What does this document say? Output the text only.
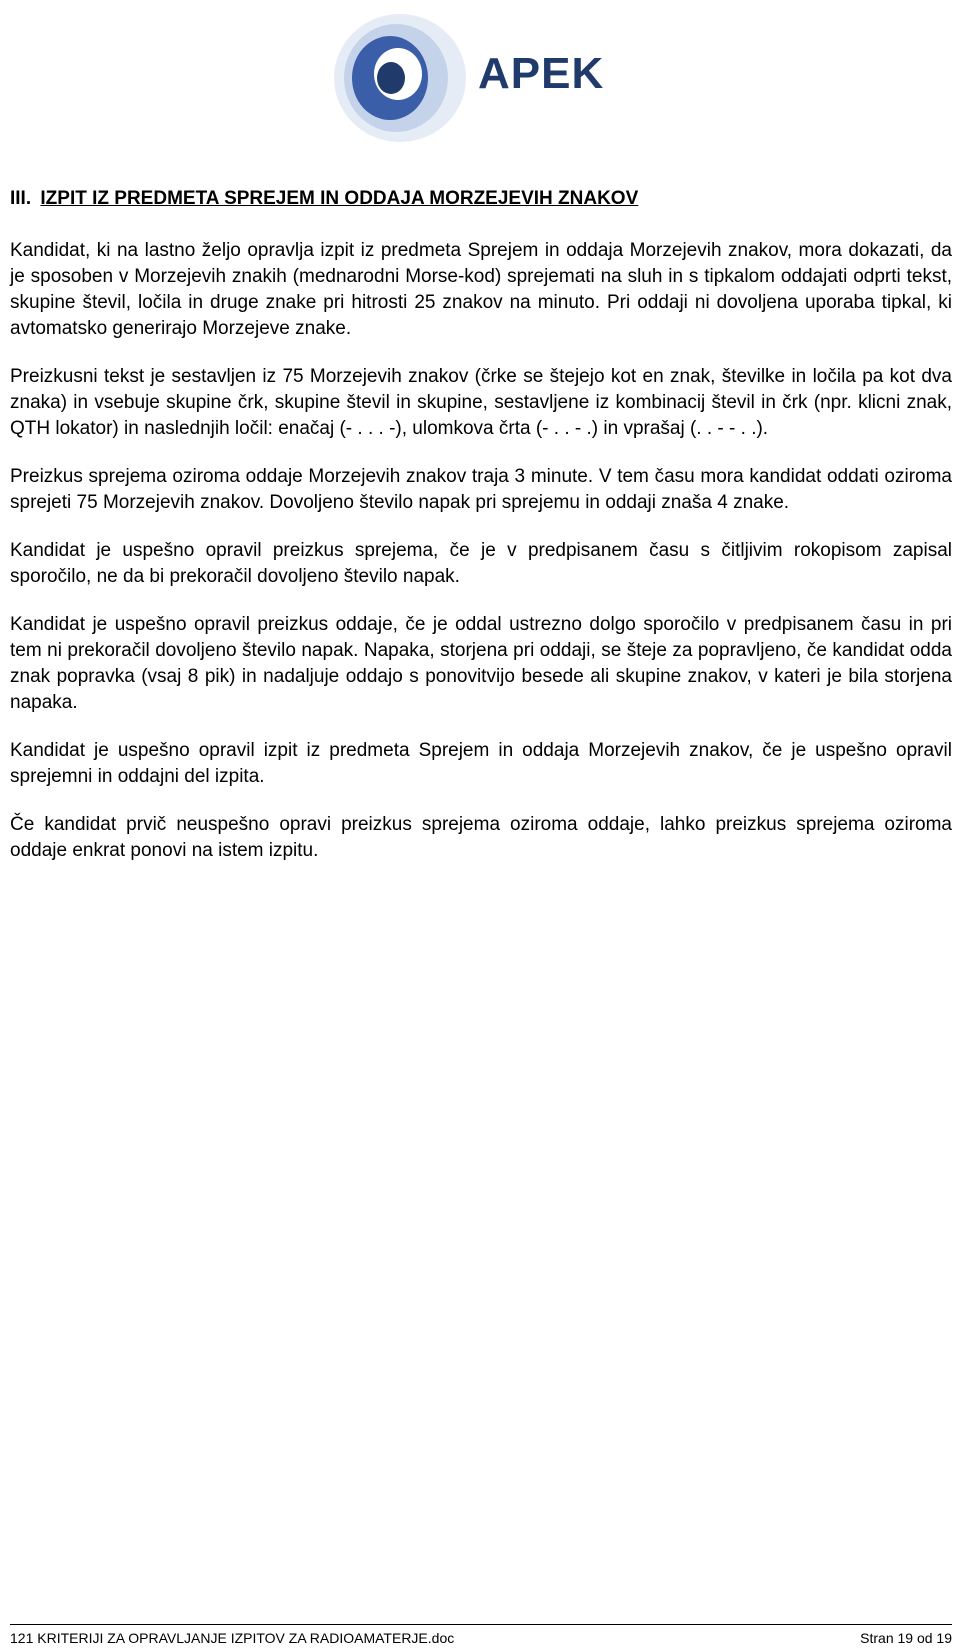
APEK
III. IZPIT IZ PREDMETA SPREJEM IN ODDAJA MORZEJEVIH ZNAKOV

Kandidat, ki na lastno željo opravlja izpit iz predmeta Sprejem in oddaja Morzejevih znakov, mora dokazati, da je sposoben v Morzejevih znakih (mednarodni Morse-kod) sprejemati na sluh in s tipkalom oddajati odprti tekst, skupine števil, ločila in druge znake pri hitrosti 25 znakov na minuto. Pri oddaji ni dovoljena uporaba tipkal, ki avtomatsko generirajo Morzejeve znake.

Preizkusni tekst je sestavljen iz 75 Morzejevih znakov (črke se štejejo kot en znak, številke in ločila pa kot dva znaka) in vsebuje skupine črk, skupine števil in skupine, sestavljene iz kombinacij števil in črk (npr. klicni znak, QTH lokator) in naslednjih ločil: enačaj (- . . . -), ulomkova črta (- . . - .) in vprašaj (. . - - . .).

Preizkus sprejema oziroma oddaje Morzejevih znakov traja 3 minute. V tem času mora kandidat oddati oziroma sprejeti 75 Morzejevih znakov. Dovoljeno število napak pri sprejemu in oddaji znaša 4 znake.

Kandidat je uspešno opravil preizkus sprejema, če je v predpisanem času s čitljivim rokopisom zapisal sporočilo, ne da bi prekoračil dovoljeno število napak.

Kandidat je uspešno opravil preizkus oddaje, če je oddal ustrezno dolgo sporočilo v predpisanem času in pri tem ni prekoračil dovoljeno število napak. Napaka, storjena pri oddaji, se šteje za popravljeno, če kandidat odda znak popravka (vsaj 8 pik) in nadaljuje oddajo s ponovitvijo besede ali skupine znakov, v kateri je bila storjena napaka.

Kandidat je uspešno opravil izpit iz predmeta Sprejem in oddaja Morzejevih znakov, če je uspešno opravil sprejemni in oddajni del izpita.

Če kandidat prvič neuspešno opravi preizkus sprejema oziroma oddaje, lahko preizkus sprejema oziroma oddaje enkrat ponovi na istem izpitu.

121 KRITERIJI ZA OPRAVLJANJE IZPITOV ZA RADIOAMATERJE.doc	Stran 19 od 19
